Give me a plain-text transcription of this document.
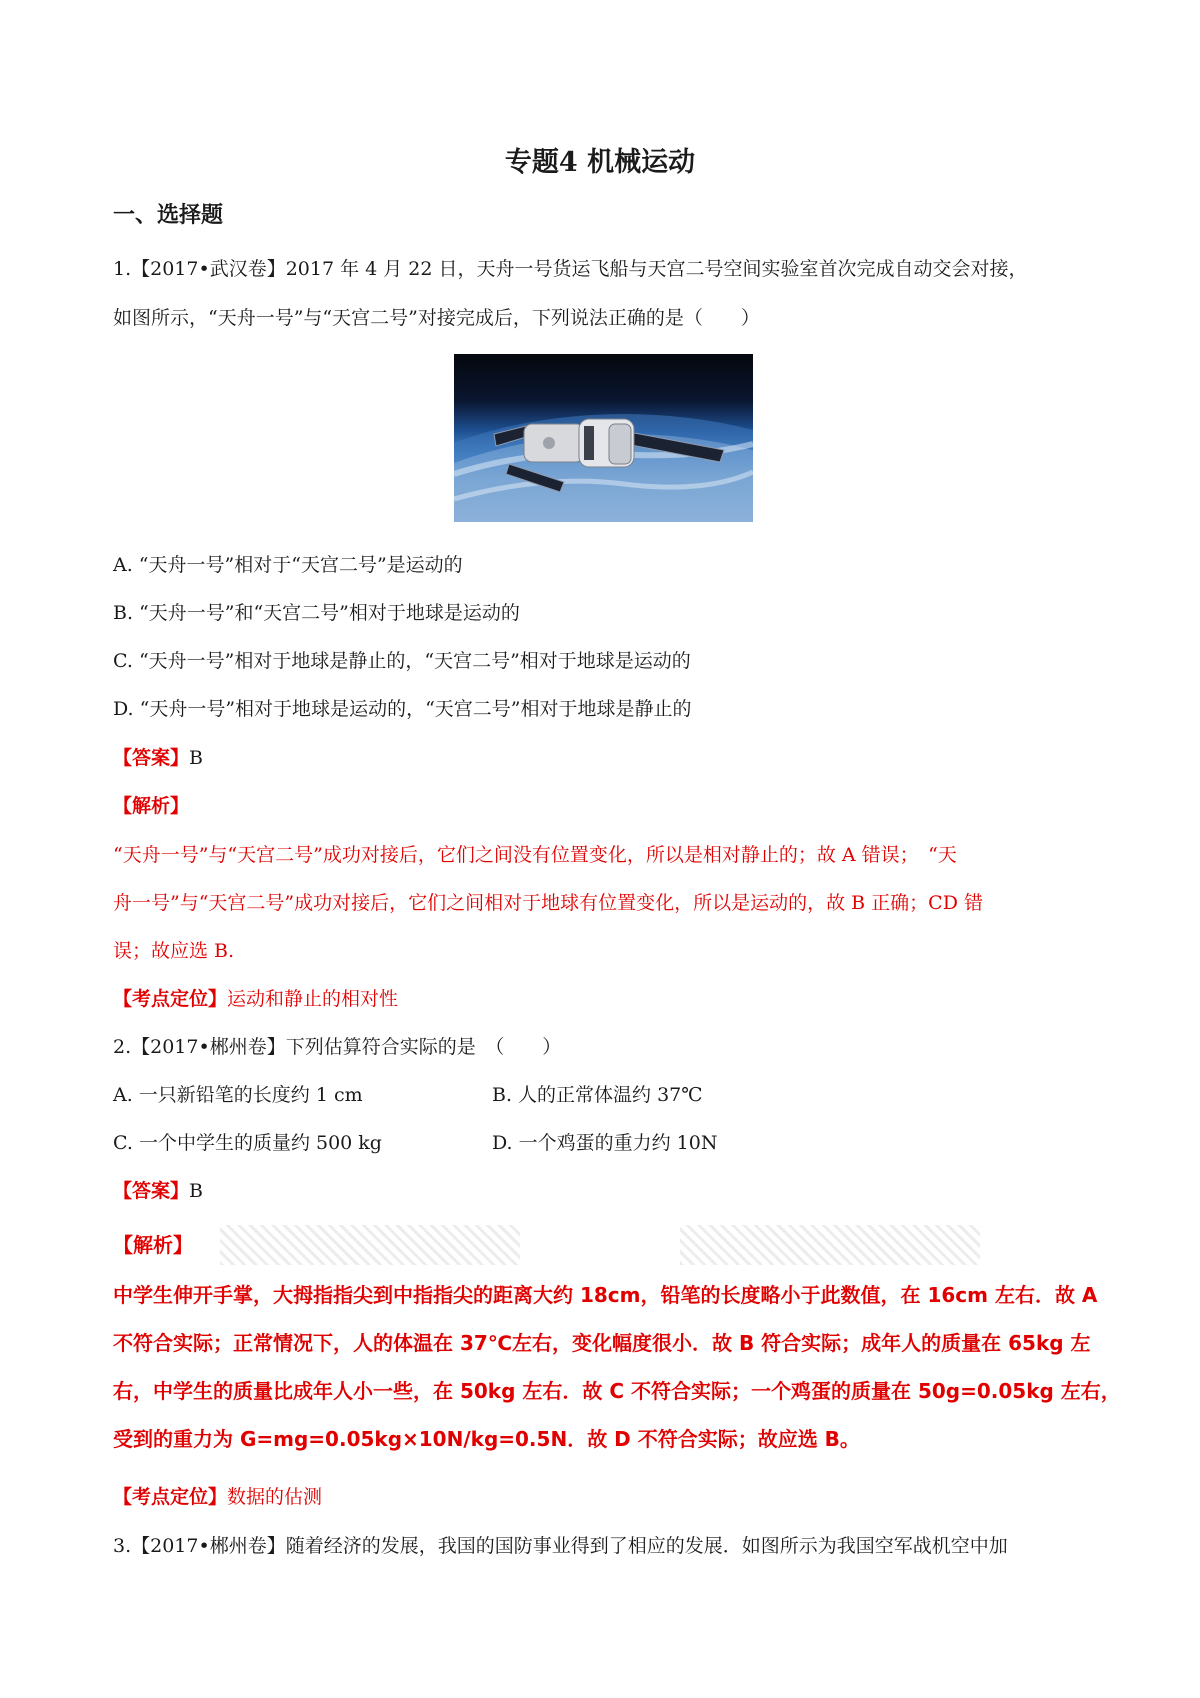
专题4 机械运动
一、选择题
1.【2017•武汉卷】2017 年 4 月 22 日，天舟一号货运飞船与天宫二号空间实验室首次完成自动交会对接，
如图所示，“天舟一号”与“天宫二号”对接完成后，下列说法正确的是（　　）
A. “天舟一号”相对于“天宫二号”是运动的
B. “天舟一号”和“天宫二号”相对于地球是运动的
C. “天舟一号”相对于地球是静止的，“天宫二号”相对于地球是运动的
D. “天舟一号”相对于地球是运动的，“天宫二号”相对于地球是静止的
【答案】B
【解析】
“天舟一号”与“天宫二号”成功对接后，它们之间没有位置变化，所以是相对静止的；故 A 错误；　“天
舟一号”与“天宫二号”成功对接后，它们之间相对于地球有位置变化，所以是运动的，故 B 正确；CD 错
误；故应选 B.
【考点定位】运动和静止的相对性
2.【2017•郴州卷】下列估算符合实际的是　（　　）
A. 一只新铅笔的长度约 1 cm	B. 人的正常体温约 37℃
C. 一个中学生的质量约 500 kg	D. 一个鸡蛋的重力约 10N
【答案】B
【解析】
中学生伸开手掌，大拇指指尖到中指指尖的距离大约 18cm，铅笔的长度略小于此数值，在 16cm 左右．故 A
不符合实际；正常情况下，人的体温在 37℃左右，变化幅度很小．故 B 符合实际；成年人的质量在 65kg 左
右，中学生的质量比成年人小一些，在 50kg 左右．故 C 不符合实际；一个鸡蛋的质量在 50g=0.05kg 左右，
受到的重力为 G=mg=0.05kg×10N/kg=0.5N．故 D 不符合实际；故应选 B。
【考点定位】数据的估测
3.【2017•郴州卷】随着经济的发展，我国的国防事业得到了相应的发展．如图所示为我国空军战机空中加
